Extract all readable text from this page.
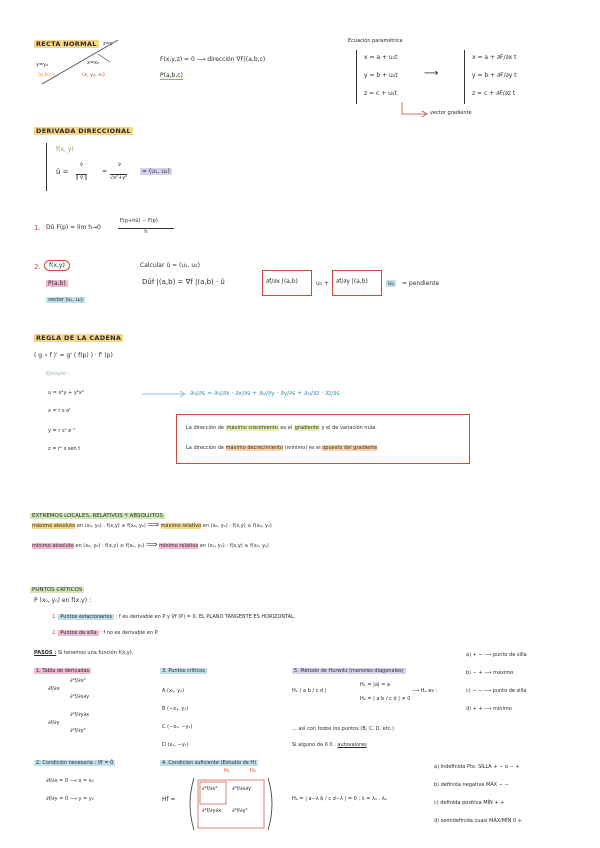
RECTA NORMAL	z=c
y=y₀	x=x₀
(a,b,c)	(x, y₀, z₀)
F(x,y,z) = 0 ⟶ dirección ∇F|(a,b,c)
P(a,b,c)
Ecuación paramétrica
x = a + u₁t
y = b + u₂t
z = c + u₃t
⟶
x = a + ∂F/∂x t
y = b + ∂F/∂y t
z = c + ∂F/∂z t
vector gradiente
DERIVADA DIRECCIONAL
f(x, y)
û =
v̄
‖ v̄ ‖
=
v̄
√x²+y²
= (u₁, u₂)
1. Dû F(p) = lim h→0
F(p+hû) − F(p)
h
2.	f(x,y)
P(a,b)
vector (u₁, u₂)
Calcular û = (u₁, u₂)
Dûf |(a,b) = ∇f |(a,b) · û	∂f/∂x |(a,b)	u₁ + ∂f/∂y |(a,b)	u₂	= pendiente
REGLA DE LA CADENA
( g ∘ f )' = g' ( f(p) ) · f' (p)
Ejemplo :
u = x²y + y²x³
x = r s eᵗ
y = r s² e⁻ᵗ
z = r² s sen t
∂u/∂s = ∂u/∂x · ∂x/∂s + ∂u/∂y · ∂y/∂s + ∂u/∂z · ∂z/∂s
La dirección de máximo crecimiento es el gradiente y el de variación nula.
La dirección de máximo decrecimiento (mínimo) es el opuesto del gradiente
EXTREMOS LOCALES, RELATIVOS Y ABSOLUTOS
máximo absoluto en (x₀, y₀) : f(x,y) ≤ f(x₀, y₀) ⟹ máximo relativo en (x₀, y₀) : f(x,y) ≤ f(x₀, y₀)
mínimo absoluto en (x₀, y₀) : f(x,y) ≥ f(x₀, y₀) ⟹ mínimo relativo en (x₀, y₀) : f(x,y) ≥ f(x₀, y₀)
PUNTOS CRÍTICOS
P (x₀, y₀) en f(x,y) :
1. Puntos estacionarios : f es derivable en P y ∇f (P) = 0. EL PLANO TANGENTE ES HORIZONTAL.
2. Puntos de silla : f no es derivable en P.
PASOS : Si tenemos una función f(x,y).
1. Tabla de derivadas
∂f/∂x
∂²f/∂x²
∂²f/∂x∂y
∂f/∂y
∂²f/∂y∂x
∂²f/∂y²
2. Condición necesaria : ∇f = 0̄
∂f/∂x = 0 ⟶ x = x₀
∂f/∂y = 0 ⟶ y = y₀
3. Puntos críticos
A (x₁, y₁)
B (−x₁, y₁)
C (−x₁, −y₁)
D (x₁, −y₁)
4. Condición suficiente (Estudio de H)
H₁	H₂
Hf =
∂²f/∂x²	∂²f/∂x∂y
∂²f/∂y∂x ∂²f/∂y²
5. Método de Hurwitz (menores diagonales)
Hₑ ( a b / c d )
H₁ = |a| = a
H₂ = | a b / c d | ≠ 0
⟶ Hₑ es :
... así con todos los puntos (B, C, D, etc.)
Si alguno da 0 0 : autovalores
Hₑ = | a−λ b / c d−λ | = 0 ; λ = λ₁ , λ₂
a) + − ⟶ punto de silla
b) − + ⟶ máximo
c) − − ⟶ punto de silla
d) + + ⟶ mínimo
a) indefinida Pto. SILLA + − o − +
b) definida negativa MÁX − −
c) definida positiva MÍN + +
d) semidefinida cuasi MÁX/MÍN 0 +
